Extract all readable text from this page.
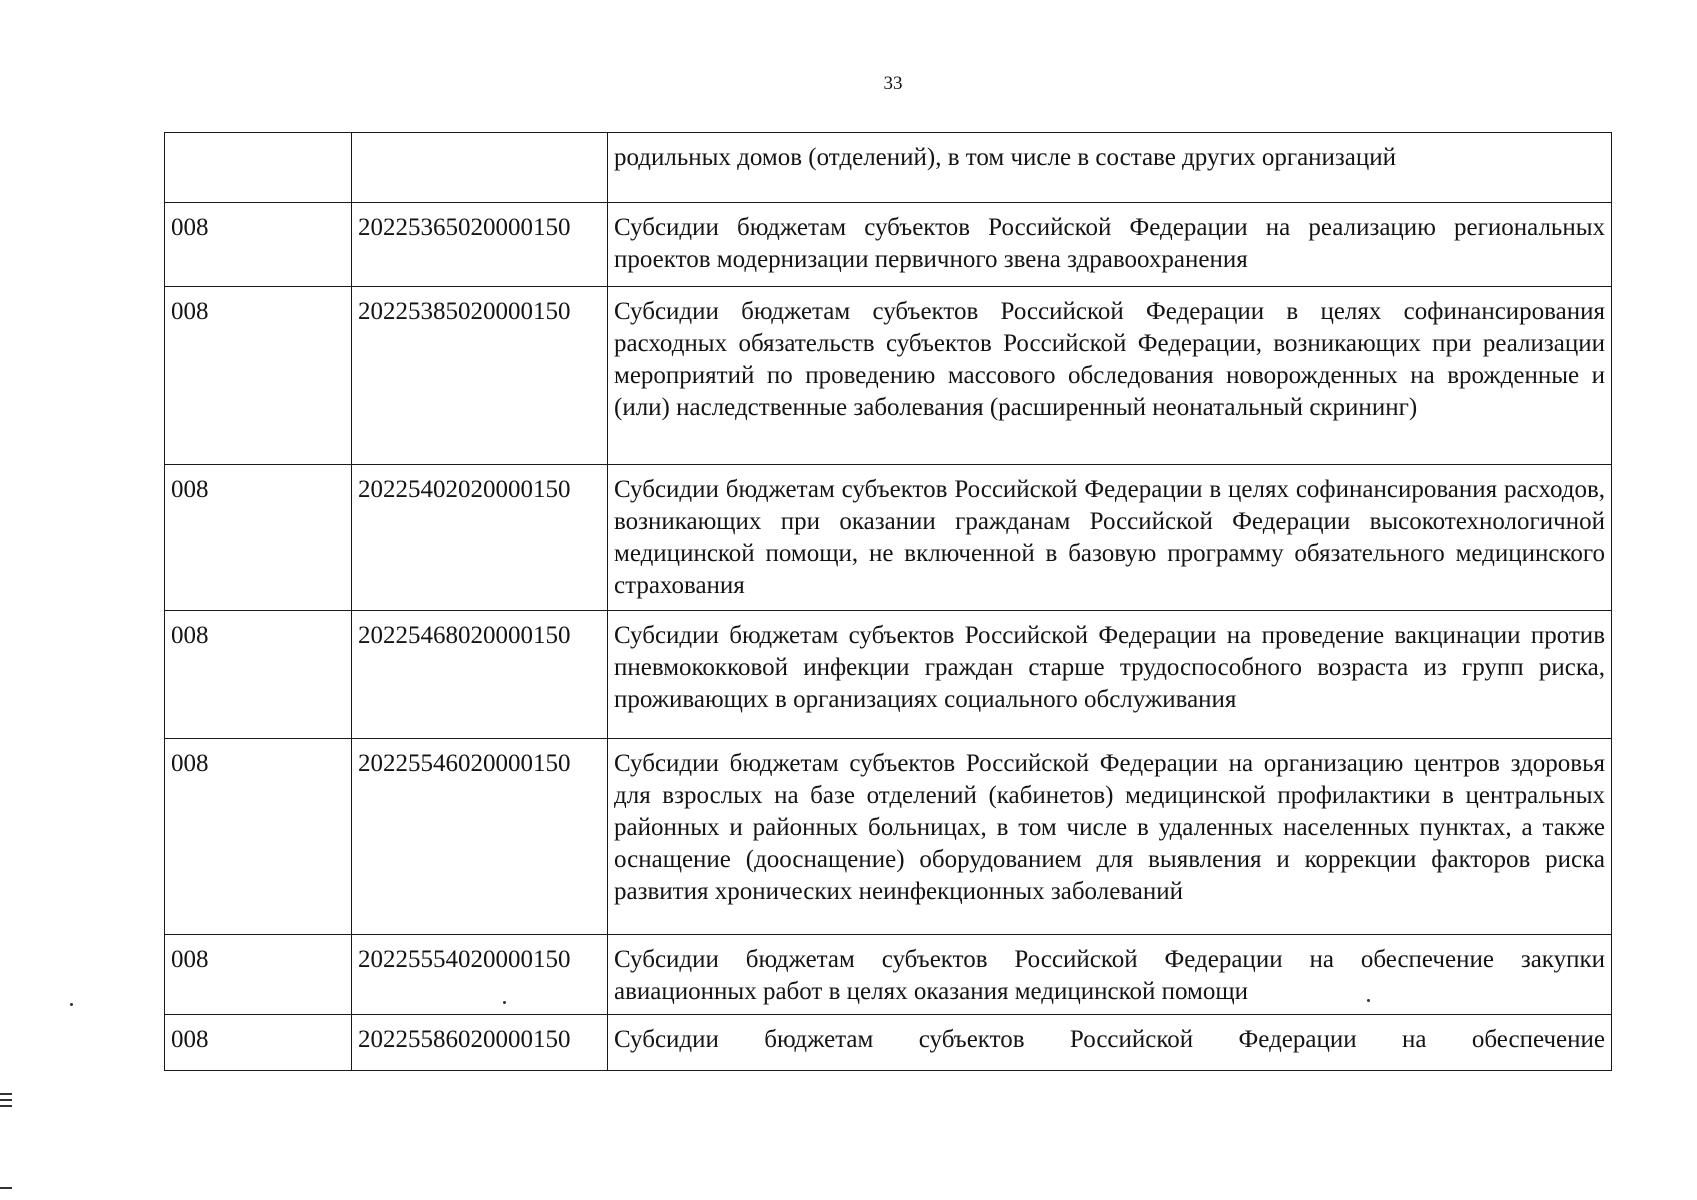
33
		родильных домов (отделений), в том числе в составе других организаций
008	20225365020000150	Субсидии бюджетам субъектов Российской Федерации на реализацию региональных проектов модернизации первичного звена здравоохранения
008	20225385020000150	Субсидии бюджетам субъектов Российской Федерации в целях софинансирования расходных обязательств субъектов Российской Федерации, возникающих при реализации мероприятий по проведению массового обследования новорожденных на врожденные и (или) наследственные заболевания (расширенный неонатальный скрининг)
008	20225402020000150	Субсидии бюджетам субъектов Российской Федерации в целях софинансирования расходов, возникающих при оказании гражданам Российской Федерации высокотехнологичной медицинской помощи, не включенной в базовую программу обязательного медицинского страхования
008	20225468020000150	Субсидии бюджетам субъектов Российской Федерации на проведение вакцинации против пневмококковой инфекции граждан старше трудоспособного возраста из групп риска, проживающих в организациях социального обслуживания
008	20225546020000150	Субсидии бюджетам субъектов Российской Федерации на организацию центров здоровья для взрослых на базе отделений (кабинетов) медицинской профилактики в центральных районных и районных больницах, в том числе в удаленных населенных пунктах, а также оснащение (дооснащение) оборудованием для выявления и коррекции факторов риска развития хронических неинфекционных заболеваний
008	20225554020000150	Субсидии бюджетам субъектов Российской Федерации на обеспечение закупки авиационных работ в целях оказания медицинской помощи
008	20225586020000150	Субсидии бюджетам субъектов Российской Федерации на обеспечение
